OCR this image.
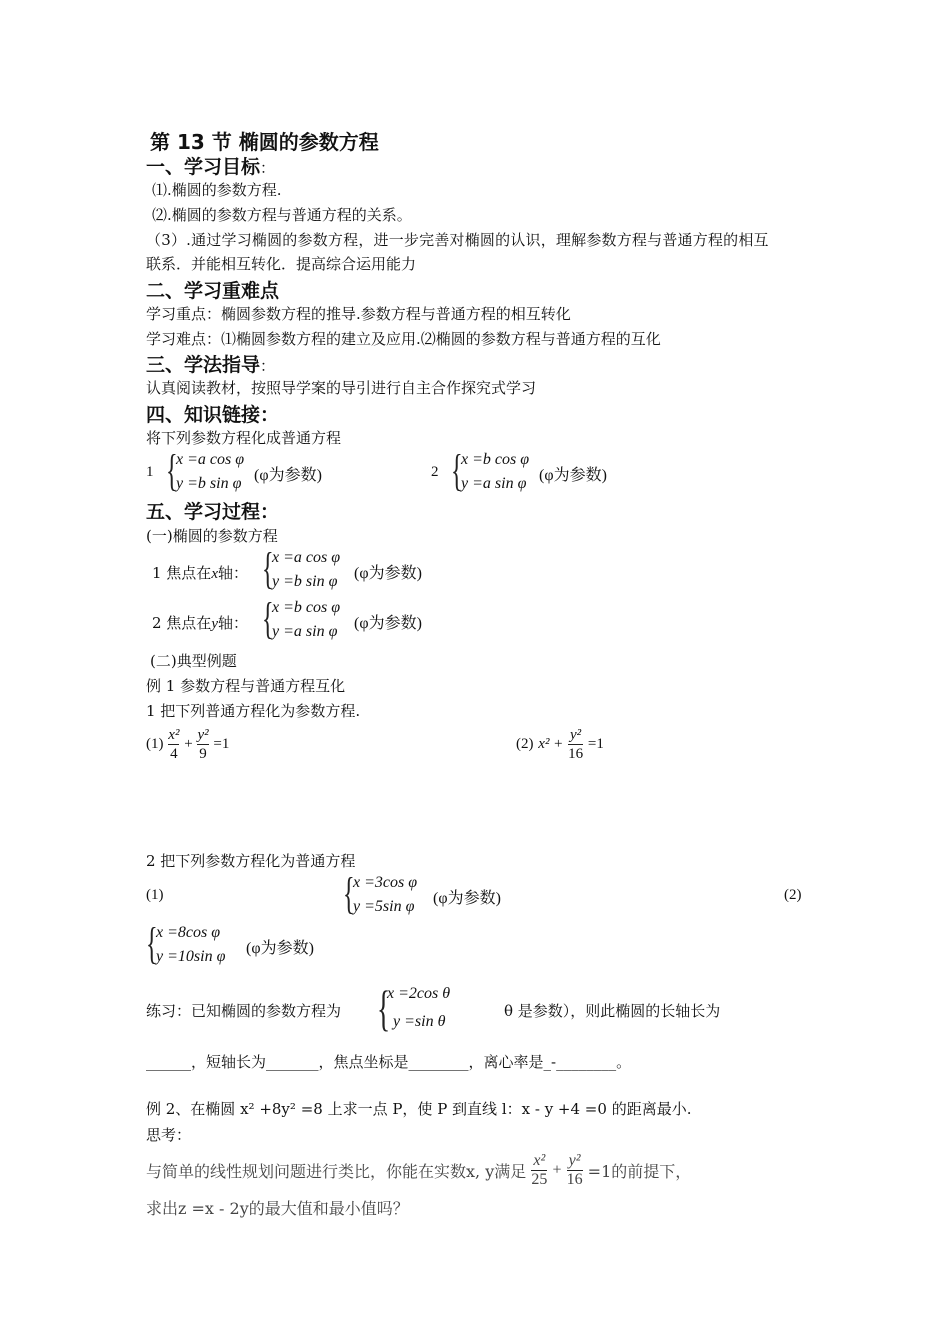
第 13 节 椭圆的参数方程
一、学习目标：
⑴.椭圆的参数方程.
⑵.椭圆的参数方程与普通方程的关系。
（3）.通过学习椭圆的参数方程，进一步完善对椭圆的认识，理解参数方程与普通方程的相互
联系．并能相互转化．提高综合运用能力
二、学习重难点
学习重点：椭圆参数方程的推导.参数方程与普通方程的相互转化
学习难点：⑴椭圆参数方程的建立及应用.⑵椭圆的参数方程与普通方程的互化
三、学法指导：
认真阅读教材，按照导学案的导引进行自主合作探究式学习
四、知识链接：
将下列参数方程化成普通方程
1 {
x =a cos φ
y =b sin φ (φ为参数)	2 {
x =b cos φ
y =a sin φ (φ为参数)
五、学习过程：
(一)椭圆的参数方程
1 焦点在x轴： {
x =a cos φ
y =b sin φ (φ为参数)
2 焦点在y轴： {
x =b cos φ
y =a sin φ (φ为参数)
(二)典型例题
例 1 参数方程与普通方程互化
1 把下列普通方程化为参数方程.
$(1) \frac{\text{x²}}{4} + \frac{\text{y²}}{9} =1$	(2) $x^2 + \frac{\text{y²}}{16} =1$
2 把下列参数方程化为普通方程
(1)	{
x =3cos φ
y =5sin φ (φ为参数)	(2)
{
x =8cos φ
y =10sin φ (φ为参数)
练习：已知椭圆的参数方程为 {
x =2cos θ
y =sin θ
θ 是参数），则此椭圆的长轴长为
______，短轴长为_______，焦点坐标是________，离心率是_-________。
例 2、在椭圆 x² +8y² =8 上求一点 P，使 P 到直线 l：x - y +4 =0 的距离最小.
思考：
与简单的线性规划问题进行类比，你能在实数x, y满足 $\frac{\text{x²}}{25} + \frac{\text{y²}}{16} =1$的前提下，
求出z =x - 2y的最大值和最小值吗？
